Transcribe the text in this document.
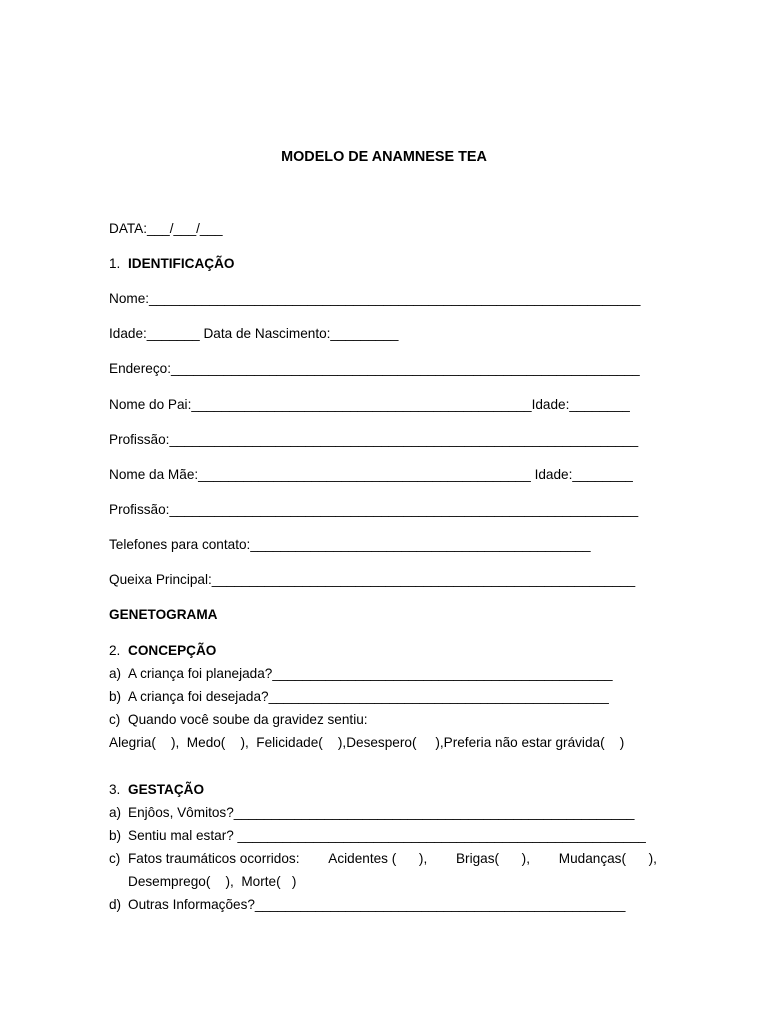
MODELO DE ANAMNESE TEA
DATA:___/___/___
1. IDENTIFICAÇÃO
Nome:_________________________________________________________________
Idade:_______ Data de Nascimento:_________
Endereço:______________________________________________________________
Nome do Pai:_____________________________________________Idade:________
Profissão:______________________________________________________________
Nome da Mãe:____________________________________________ Idade:________
Profissão:______________________________________________________________
Telefones para contato:_____________________________________________
Queixa Principal:________________________________________________________
GENETOGRAMA
2. CONCEPÇÃO
a) A criança foi planejada?_____________________________________________
b) A criança foi desejada?_____________________________________________
c) Quando você soube da gravidez sentiu:
Alegria(    ),  Medo(    ),  Felicidade(    ),Desespero(     ),Preferia não estar grávida(    )
3. GESTAÇÃO
a) Enjôos, Vômitos?_____________________________________________________
b) Sentiu mal estar? ______________________________________________________
c) Fatos traumáticos ocorridos: Acidentes (      ), Brigas(      ), Mudanças(      ),
Desemprego(    ),  Morte(   )
d) Outras Informações?_________________________________________________
